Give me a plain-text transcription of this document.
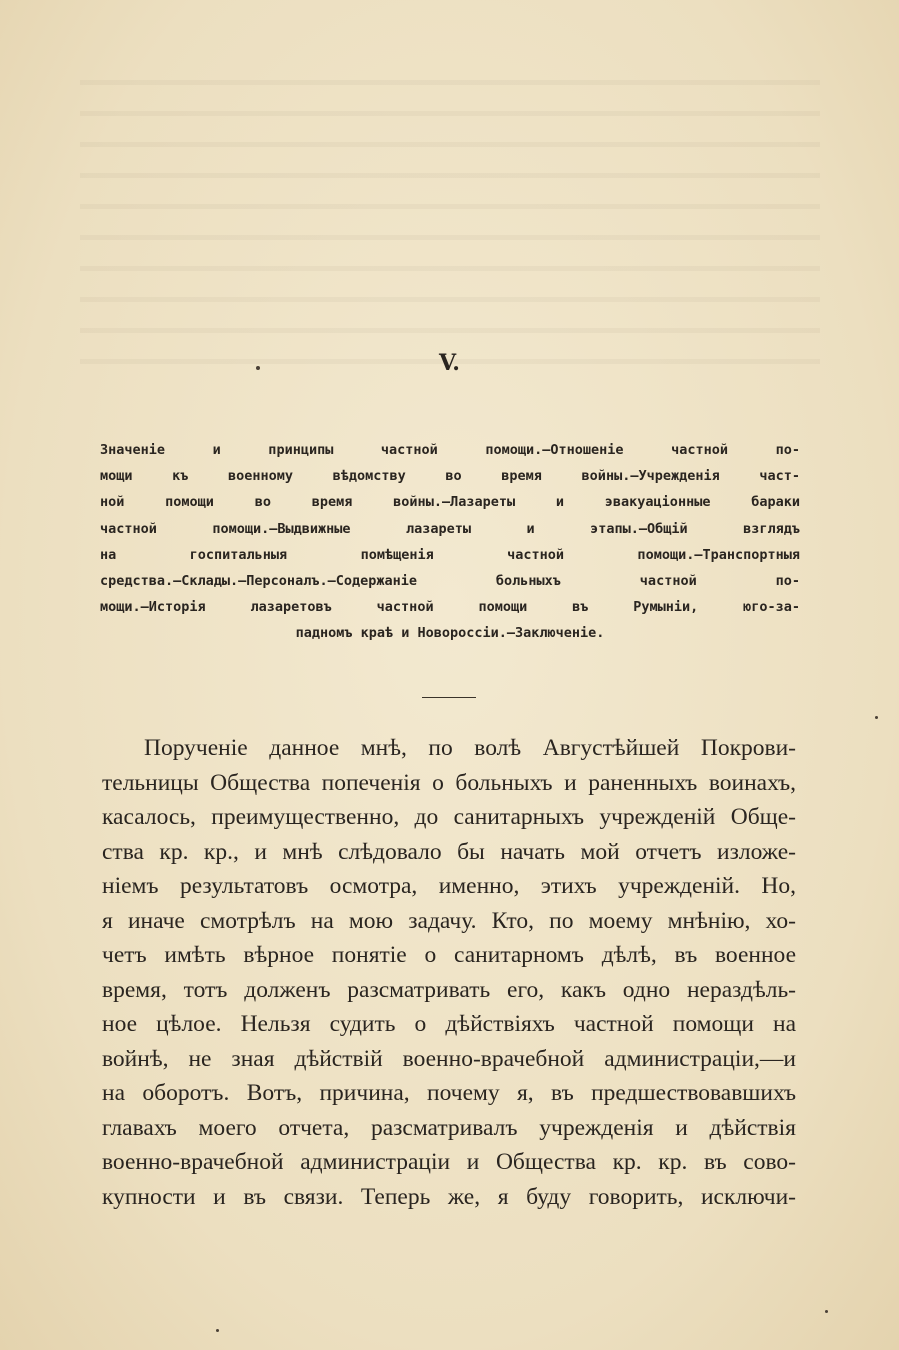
V.
Значеніе и принципы частной помощи.—Отношеніе частной по-
мощи къ военному вѣдомству во время войны.—Учрежденія част-
ной помощи во время войны.—Лазареты и эвакуаціонные бараки
частной помощи.—Выдвижные лазареты и этапы.—Общій взглядъ
на госпитальныя помѣщенія частной помощи.—Транспортныя
средства.—Склады.—Персоналъ.—Содержаніе больныхъ частной по-
мощи.—Исторія лазаретовъ частной помощи въ Румыніи, юго-за-
падномъ краѣ и Новороссіи.—Заключеніе.
Порученіе данное мнѣ, по волѣ Августѣйшей Покрови-
тельницы Общества попеченія о больныхъ и раненныхъ воинахъ,
касалось, преимущественно, до санитарныхъ учрежденій Обще-
ства кр. кр., и мнѣ слѣдовало бы начать мой отчетъ изложе-
ніемъ результатовъ осмотра, именно, этихъ учрежденій. Но,
я иначе смотрѣлъ на мою задачу. Кто, по моему мнѣнію, хо-
четъ имѣть вѣрное понятіе о санитарномъ дѣлѣ, въ военное
время, тотъ долженъ разсматривать его, какъ одно нераздѣль-
ное цѣлое. Нельзя судить о дѣйствіяхъ частной помощи на
войнѣ, не зная дѣйствій военно-врачебной администраціи,—и
на оборотъ. Вотъ, причина, почему я, въ предшествовавшихъ
главахъ моего отчета, разсматривалъ учрежденія и дѣйствія
военно-врачебной администраціи и Общества кр. кр. въ сово-
купности и въ связи. Теперь же, я буду говорить, исключи-
